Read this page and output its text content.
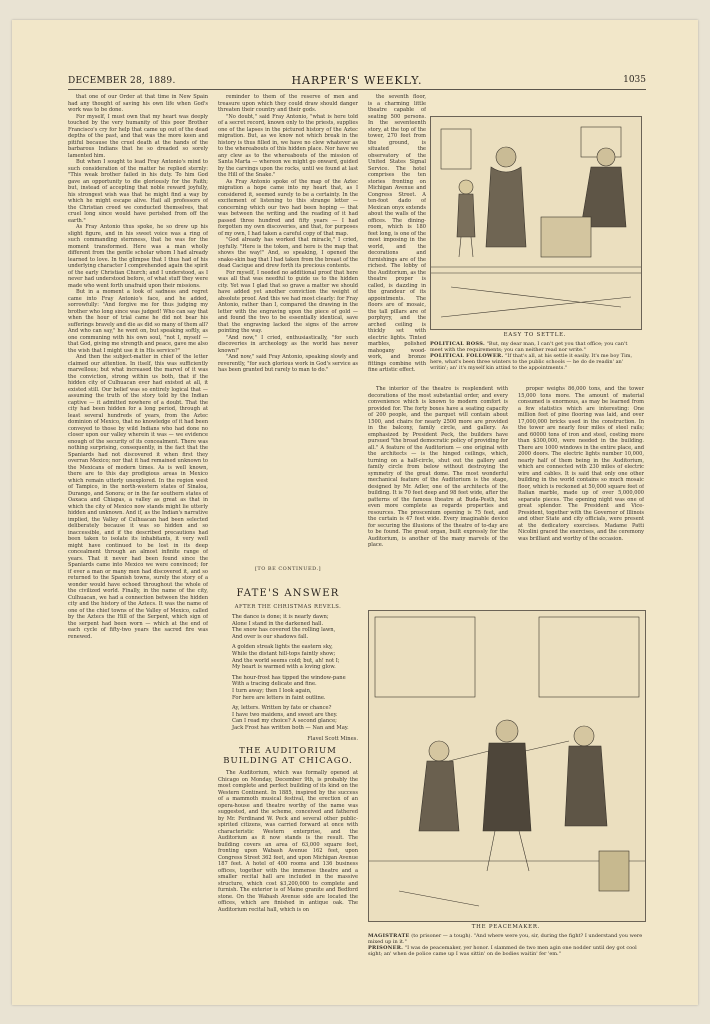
DECEMBER 28, 1889.	HARPER'S WEEKLY.	1035

that one of our Order at that time in New Spain had any thought of saving his own life when God's work was to be done.

For myself, I must own that my heart was deeply touched by the very humanity of this poor Brother Francisco's cry for help that came up out of the dead depths of the past, and that was the more keen and pitiful because the cruel death at the hands of the barbarous Indians that he so dreaded so sorely lamented him.

But when I sought to lead Fray Antonio's mind to such consideration of the matter he replied sternly: "This weak brother failed in his duty. To him God gave an opportunity to die gloriously for the Faith; but, instead of accepting that noble reward joyfully, his strongest wish was that he might find a way by which he might escape alive. Hail all professors of the Christian creed we conducted themselves, that cruel long since would have perished from off the earth."

As Fray Antonio thus spoke, he so drew up his slight figure, and in his sweet voice was a ring of such commanding sternness, that he was for the moment transformed. Here was a man wholly different from the gentle scholar whom I had already learned to love. In the glimpse that I thus had of his underlying character I comprehended again the spirit of the early Christian Church; and I understood, as I never had understood before, of what stuff they were made who went forth unafraid upon their missions.

But in a moment a look of sadness and regret came into Fray Antonio's face, and he added, sorrowfully: "And forgive me for thus judging my brother who long since was judged! Who can say that when the hour of trial came he did not bear his sufferings bravely and die as did so many of them all? And who can say," he went on, but speaking softly, as one communing with his own soul, "not I, myself — that God, giving me strength and peace, gave me also the wish that I might use it in His service?"

And then the subject-matter in chief of the letter claimed our attention. In itself, this was sufficiently marvellous; but what increased the marvel of it was the conviction, strong within us both, that if the hidden city of Culhuacan ever had existed at all, it existed still. Our belief was so entirely logical that — assuming the truth of the story told by the Indian captive — it admitted nowhere of a doubt. That the city had been hidden for a long period, through at least several hundreds of years, from the Aztec dominion of Mexico, that no knowledge of it had been conveyed to those by wild Indians who had done no closer upon our valley wherein it was — we evidence enough of the security of its concealment. There was nothing surprising, consequently, in the fact that the Spaniards had not discovered it when first they overran Mexico; nor that it had remained unknown to the Mexicans of modern times. As is well known, there are to this day prodigious areas in Mexico which remain utterly unexplored. In the region west of Tampico, in the north-western states of Sinaloa, Durango, and Sonora; or in the far southern states of Oaxaca and Chiapas, a valley as great as that in which the city of Mexico now stands might lie utterly hidden and unknown. And if, as the Indian's narrative implied, the Valley of Culhuacan had been selected deliberately because it was so hidden and so inaccessible, and if the described precautions had been taken to isolate its inhabitants, it very well might have continued to be lost in its deep concealment through an almost infinite range of years. That it never had been found since the Spaniards came into Mexico we were convinced; for if ever a man or many men had discovered it, and so returned to the Spanish towns, surely the story of a wonder would have echoed throughout the whole of the civilized world. Finally, in the name of the city, Culhuacan, we had a connection between the hidden city and the history of the Aztecs. It was the name of one of the chief towns of the Valley of Mexico, called by the Aztecs the Hill of the Serpent, which sign of the serpent had been worn — which at the end of each cycle of fifty-two years the sacred fire was renewed.

reminder to them of the reserve of men and treasure upon which they could draw should danger threaten their country and their gods.

"No doubt," said Fray Antonio, "what is here told of a secret record, known only to the priests, supplies one of the lapses in the pictured history of the Aztec migration. But, as we know not which break in the history is thus filled in, we have no clew whatever as to the whereabouts of this hidden place. Nor have we any clew as to the whereabouts of the mission of Santa Marta — whereon we might go onward, guided by the carvings upon the rocks, until we found at last the Hill of the Snake."

As Fray Antonio spoke of the map of the Aztec migration a hope came into my heart that, as I considered it, seemed surely to be a certainty. In the excitement of listening to this strange letter — concerning which our two had been hoping — that was between the writing and the reading of it had passed three hundred and fifty years — I had forgotten my own discoveries, and that, for purposes of my own, I had taken a careful copy of that map.

"God already has worked that miracle," I cried, joyfully. "Here is the token, and here is the map that shows the way!" And, so speaking, I opened the snake-skin bag that I had taken from the breast of the dead Cacique and drew forth its precious contents.

For myself, I needed no additional proof that here was all that was needful to guide us to the hidden city. Yet was I glad that so grave a matter we should have added yet another conviction the weight of absolute proof. And this we had most clearly: for Fray Antonio, rather than I, compared the drawing in the letter with the engraving upon the piece of gold — and found the two to be essentially identical, save that the engraving lacked the signs of the arrow pointing the way.

"And now," I cried, enthusiastically, "for such discoveries in archeology as the world has never known!"

"And now," said Fray Antonio, speaking slowly and reverently, "for such glorious work in God's service as has been granted but rarely to man to do."

[TO BE CONTINUED.]
FATE'S ANSWER
AFTER THE CHRISTMAS REVELS.
The dance is done; it is nearly dawn;
Alone I stand in the darkened hall.
The snow has covered the rolling lawn,
And over is our shadows fall.
A golden streak lights the eastern sky,
While the distant hill-tops faintly show;
And the world seems cold; but, ah! not I;
My heart is warmed with a loving glow.
The hour-frost has tipped the window-pane
With a tracing delicate and fine.
I turn away; then I look again,
For here are letters in faint outline.
Ay, letters. Written by fate or chance?
I have two maidens, and sweet are they.
Can I read my choice? A second glance;
Jack Frost has written both — Nan and May.
Flavel Scott Mines.
THE AUDITORIUM BUILDING AT CHICAGO.

The Auditorium, which was formally opened at Chicago on Monday, December 9th, is probably the most complete and perfect building of its kind on the Western Continent. In 1885, inspired by the success of a mammoth musical festival, the erection of an opera-house and theatre worthy of the name was suggested, and the scheme, conceived and fathered by Mr. Ferdinand W. Peck and several other public-spirited citizens, was carried forward at once with characteristic Western enterprise, and the Auditorium as it now stands is the result. The building covers an area of 63,000 square feet, fronting upon Wabash Avenue 162 feet, upon Congress Street 362 feet, and upon Michigan Avenue 187 feet. A hotel of 400 rooms and 136 business offices, together with the immense theatre and a smaller recital hall are included in the massive structure, which cost $3,200,000 to complete and furnish. The exterior is of Maine granite and Bedford stone. On the Wabash Avenue side are located the offices, which are finished in antique oak. The Auditorium recital hall, which is on

the seventh floor, is a charming little theatre capable of seating 500 persons. In the seventeenth story, at the top of the tower, 270 feet from the ground, is situated the observatory of the United States Signal Service. The hotel comprises the ten stories fronting on Michigan Avenue and Congress Street. A ten-foot dado of Mexican onyx extends about the walls of the offices. The dining-room, which is 180 feet long, is one of the most imposing in the world, and the decorations and furnishings are of the richest. The lobby of the Auditorium, as the theatre proper is called, is dazzling in the grandeur of its appointments. The floors are of mosaic, the tall pillars are of porphyry, and the arched ceiling is thickly set with electric lights. Tinted marbles, polished mahogany wood-work, and bronze fittings combine with fine artistic effect.

EASY TO SETTLE.
POLITICAL BOSS. "But, my dear man, I can't get you that office; you can't meet with the requirements; you can neither read nor write."
POLITICAL FOLLOWER. "If that's all, at his settle it easily. It's me boy Tim, here, what's been three winters to the public schools — he do de readin' an' writin'; an' it's myself kin attind to the appointments."

The interior of the theatre is resplendent with decorations of the most substantial order, and every convenience which is known to modern comfort is provided for. The forty boxes have a seating capacity of 200 people, and the parquet will contain about 1500, and chairs for nearly 2500 more are provided in the balcony, family circle, and gallery. As emphasized by President Peck, the builders have pursued "the broad democratic policy of providing for all." A feature of the Auditorium — one original with the architects — is the hinged ceilings, which, turning on a half-circle, shut out the gallery and family circle from below without destroying the symmetry of the great dome. The most wonderful mechanical feature of the Auditorium is the stage, designed by Mr. Adler, one of the architects of the building. It is 70 feet deep and 98 feet wide, after the patterns of the famous theatre at Buda-Pesth, but even more complete as regards properties and resources. The proscenium opening is 75 feet, and the curtain is 47 feet wide. Every imaginable device for securing the illusions of the theatre of to-day are to be found. The great organ, built expressly for the Auditorium, is another of the many marvels of the place.

proper weighs 86,000 tons, and the tower 15,000 tons more. The amount of material consumed is enormous, as may be learned from a few statistics which are interesting: One million feet of pine flooring was laid, and over 17,000,000 bricks used in the construction. In the tower are nearly four miles of steel rails; and 60000 tons of iron and steel, costing more than $300,000, were needed in the building. There are 1000 windows in the entire place, and 2000 doors. The electric lights number 10,000, nearly half of them being in the Auditorium, which are connected with 230 miles of electric wire and cables. It is said that only one other building in the world contains so much mosaic floor, which is reckoned at 50,000 square feet of Italian marble, made up of over 5,000,000 separate pieces. The opening night was one of great splendor. The President and Vice-President, together with the Governor of Illinois and other State and city officials, were present at the dedicatory exercises. Madame Patti Nicolini graced the exercises, and the ceremony was brilliant and worthy of the occasion.

THE PEACEMAKER.
MAGISTRATE (to prisoner — a tough). "And where were you, sir, during the fight? I understand you were mixed up in it."
PRISONER. "I was de peacemaker, yer honor. I slammed de two men agin one nodder until dey got cool sight; an' when de police came up I was sittin' on de bodies waitin' fer 'em."
